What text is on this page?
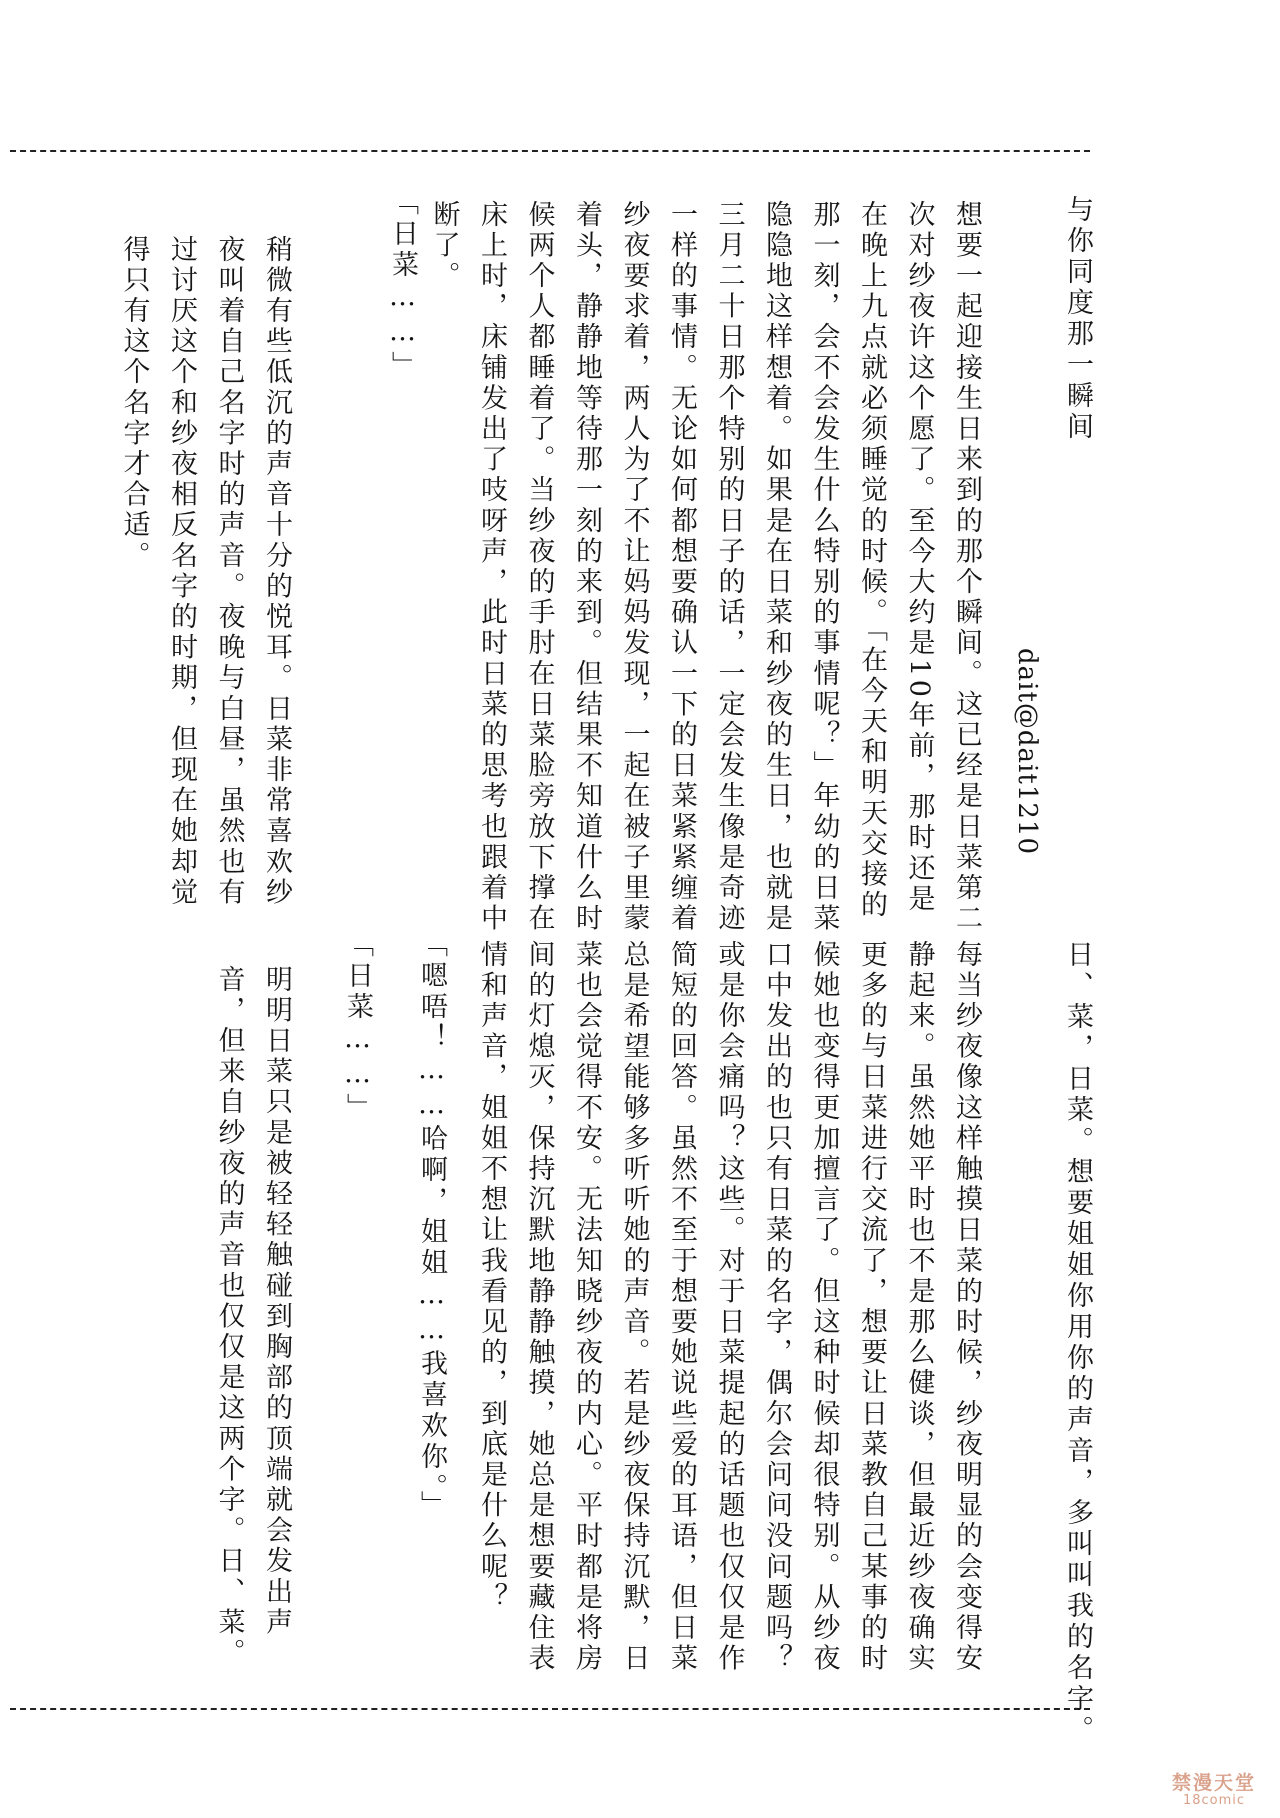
与你同度那一瞬间
dait@dait1210
想要一起迎接生日来到的那个瞬间。这已经是日菜第二次对纱夜许这个愿了。至今大约是10年前，那时还是在晚上九点就必须睡觉的时候。「在今天和明天交接的那一刻，会不会发生什么特别的事情呢？」年幼的日菜隐隐地这样想着。如果是在日菜和纱夜的生日，也就是三月二十日那个特别的日子的话，一定会发生像是奇迹一样的事情。无论如何都想要确认一下的日菜紧紧缠着纱夜要求着，两人为了不让妈妈发现，一起在被子里蒙着头，静静地等待那一刻的来到。但结果不知道什么时候两个人都睡着了。当纱夜的手肘在日菜脸旁放下撑在床上时，床铺发出了吱呀声，此时日菜的思考也跟着中断了。
「日菜……」
稍微有些低沉的声音十分的悦耳。日菜非常喜欢纱夜叫着自己名字时的声音。夜晚与白昼，虽然也有过讨厌这个和纱夜相反名字的时期，但现在她却觉得只有这个名字才合适。
日、菜，日菜。想要姐姐你用你的声音，多叫叫我的名字。
每当纱夜像这样触摸日菜的时候，纱夜明显的会变得安静起来。虽然她平时也不是那么健谈，但最近纱夜确实更多的与日菜进行交流了，想要让日菜教自己某事的时候她也变得更加擅言了。但这种时候却很特别。从纱夜口中发出的也只有日菜的名字，偶尔会问问没问题吗？或是你会痛吗？这些。对于日菜提起的话题也仅仅是作简短的回答。虽然不至于想要她说些爱的耳语，但日菜总是希望能够多听听她的声音。若是纱夜保持沉默，日菜也会觉得不安。无法知晓纱夜的内心。平时都是将房间的灯熄灭，保持沉默地静静触摸，她总是想要藏住表情和声音，姐姐不想让我看见的，到底是什么呢？
「嗯唔！……哈啊，姐姐……我喜欢你。」
「日菜……」
明明日菜只是被轻轻触碰到胸部的顶端就会发出声音，但来自纱夜的声音也仅仅是这两个字。日、菜。
禁漫天堂
18comic
